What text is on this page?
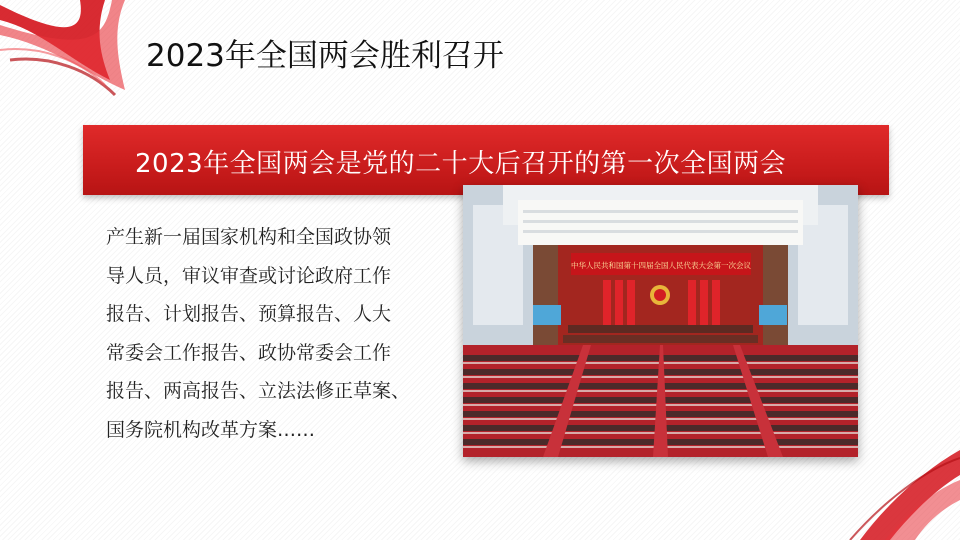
2023年全国两会胜利召开
2023年全国两会是党的二十大后召开的第一次全国两会
产生新一届国家机构和全国政协领
导人员，审议审查或讨论政府工作
报告、计划报告、预算报告、人大
常委会工作报告、政协常委会工作
报告、两高报告、立法法修正草案、
国务院机构改革方案……
中华人民共和国第十四届全国人民代表大会第一次会议
